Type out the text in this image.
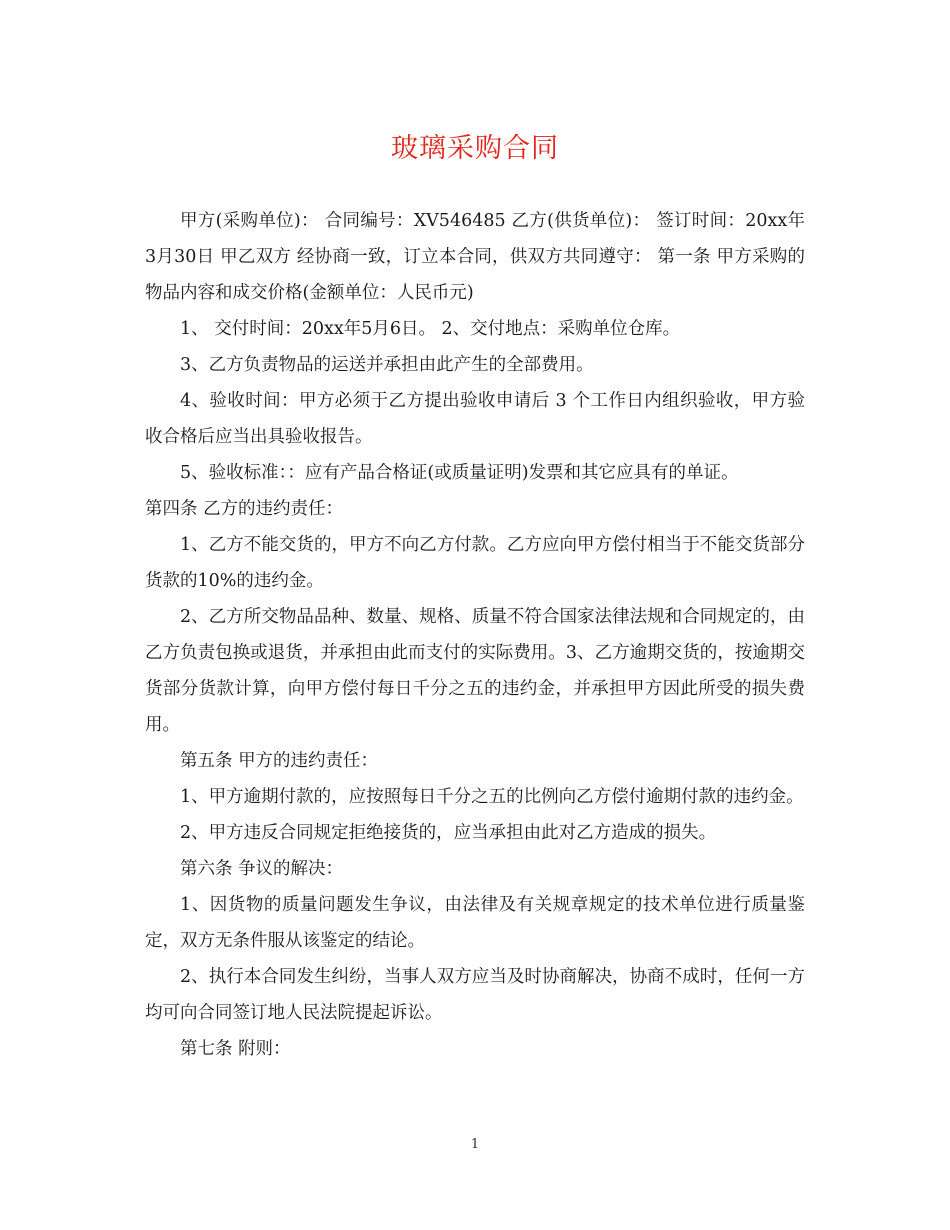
玻璃采购合同

甲方(采购单位)： 合同编号：XV546485 乙方(供货单位)： 签订时间：20xx年3月30日 甲乙双方 经协商一致，订立本合同，供双方共同遵守： 第一条 甲方采购的物品内容和成交价格(金额单位：人民币元)

1、 交付时间：20xx年5月6日。 2、交付地点：采购单位仓库。

3、乙方负责物品的运送并承担由此产生的全部费用。

4、验收时间：甲方必须于乙方提出验收申请后 3 个工作日内组织验收，甲方验收合格后应当出具验收报告。

5、验收标准：：应有产品合格证(或质量证明)发票和其它应具有的单证。

第四条 乙方的违约责任：

1、乙方不能交货的，甲方不向乙方付款。乙方应向甲方偿付相当于不能交货部分货款的10%的违约金。

2、乙方所交物品品种、数量、规格、质量不符合国家法律法规和合同规定的，由乙方负责包换或退货，并承担由此而支付的实际费用。3、乙方逾期交货的，按逾期交货部分货款计算，向甲方偿付每日千分之五的违约金，并承担甲方因此所受的损失费用。

第五条 甲方的违约责任：

1、甲方逾期付款的，应按照每日千分之五的比例向乙方偿付逾期付款的违约金。

2、甲方违反合同规定拒绝接货的，应当承担由此对乙方造成的损失。

第六条 争议的解决：

1、因货物的质量问题发生争议，由法律及有关规章规定的技术单位进行质量鉴定，双方无条件服从该鉴定的结论。

2、执行本合同发生纠纷，当事人双方应当及时协商解决，协商不成时，任何一方均可向合同签订地人民法院提起诉讼。

第七条 附则：

1
